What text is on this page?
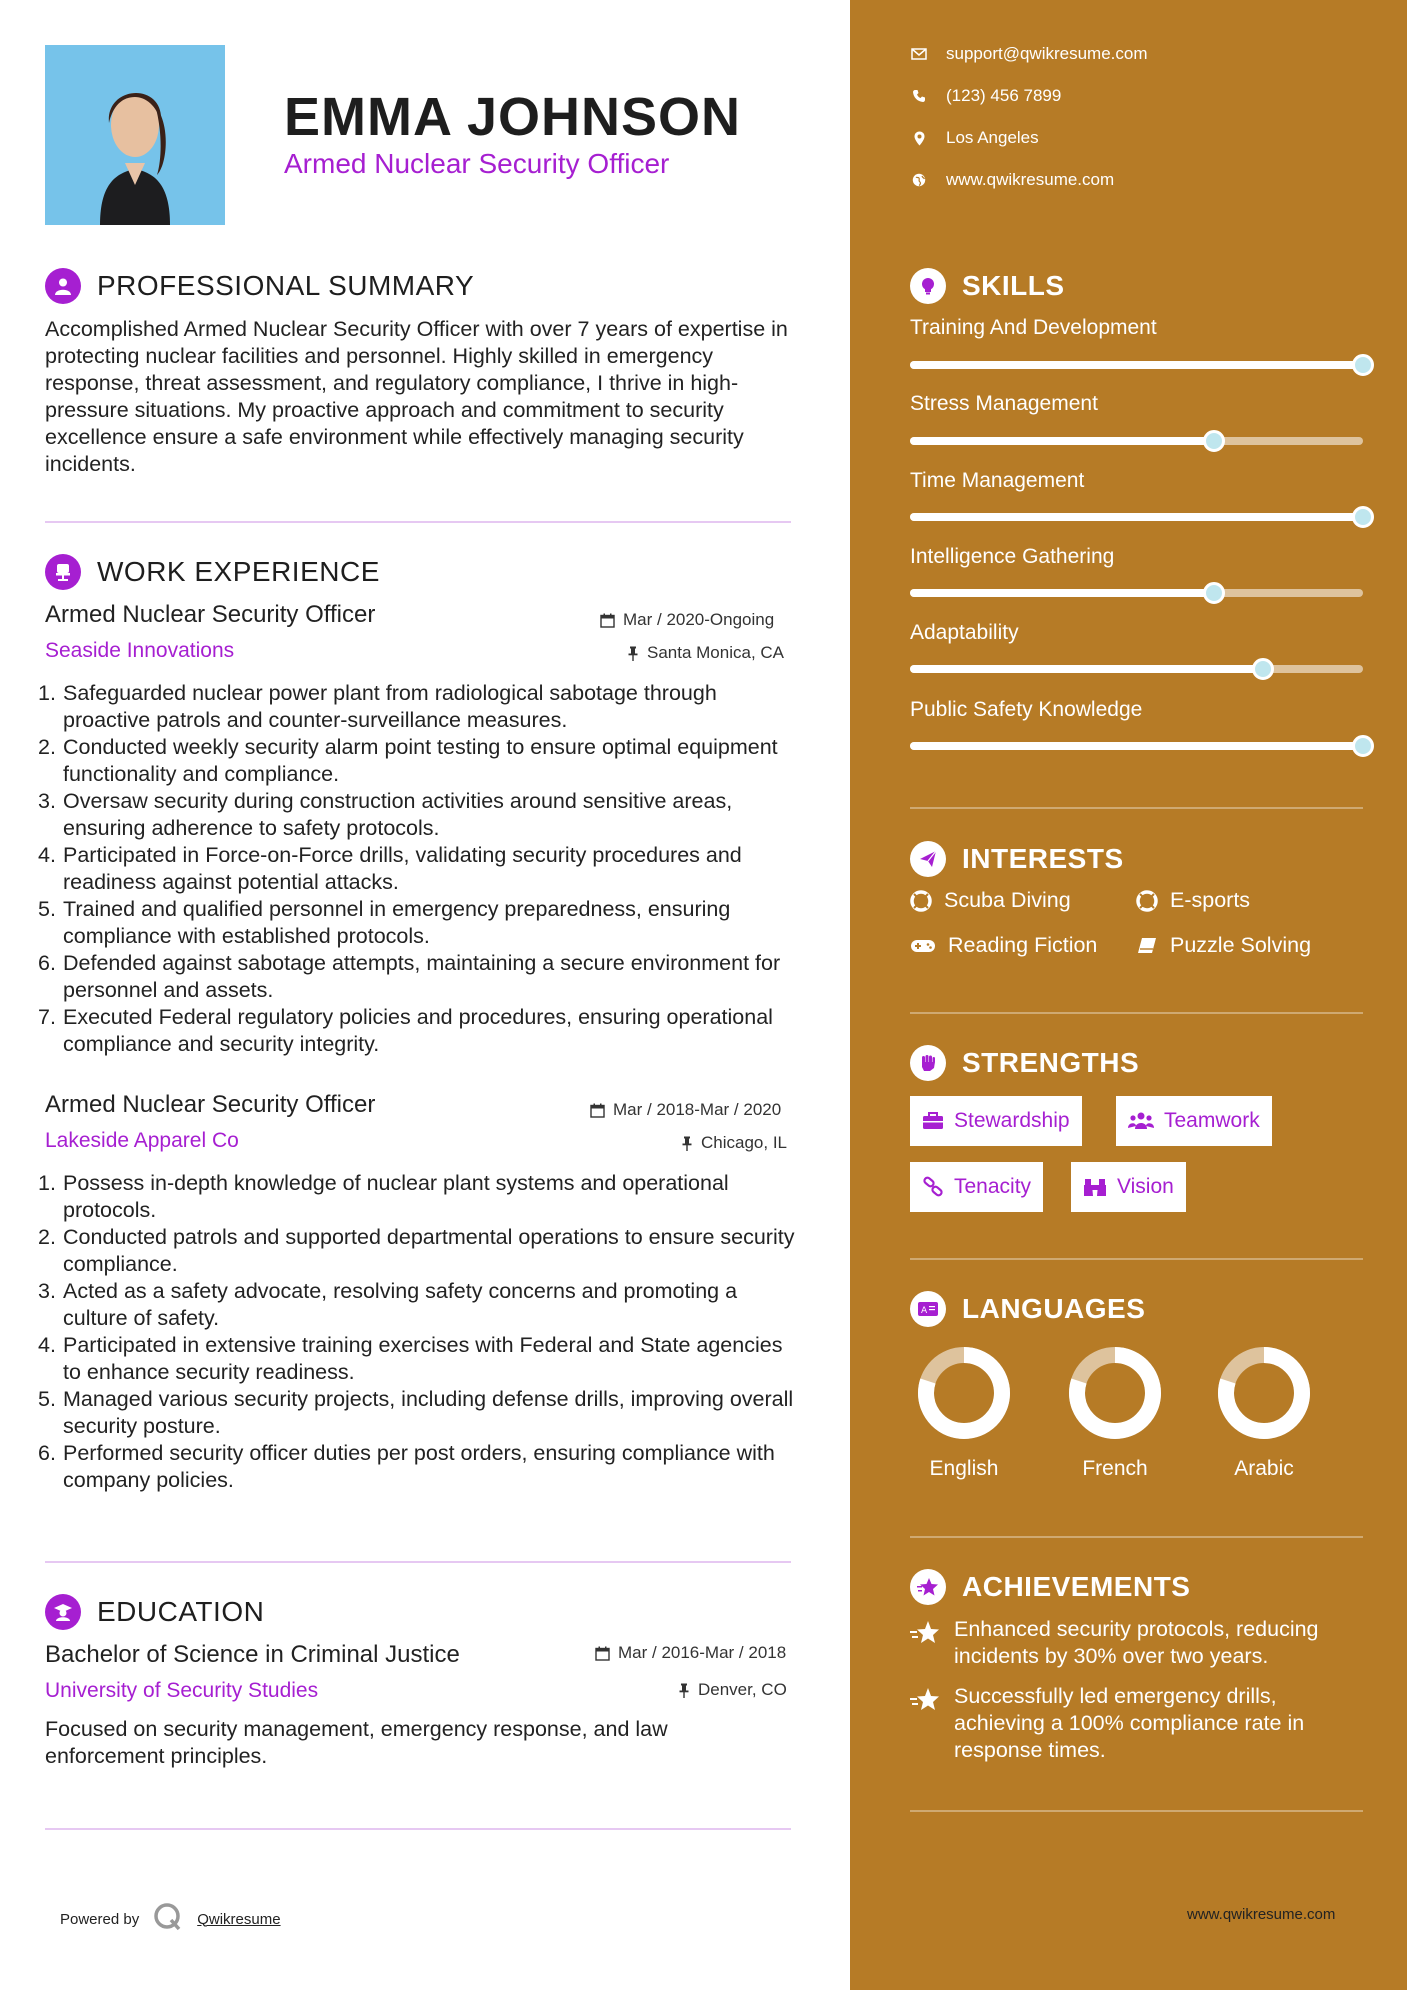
EMMA JOHNSON
Armed Nuclear Security Officer
PROFESSIONAL SUMMARY
Accomplished Armed Nuclear Security Officer with over 7 years of expertise in protecting nuclear facilities and personnel. Highly skilled in emergency response, threat assessment, and regulatory compliance, I thrive in high-pressure situations. My proactive approach and commitment to security excellence ensure a safe environment while effectively managing security incidents.
WORK EXPERIENCE
Armed Nuclear Security Officer
Seaside Innovations
Mar / 2020-Ongoing
Santa Monica, CA
1. Safeguarded nuclear power plant from radiological sabotage through proactive patrols and counter-surveillance measures.
2. Conducted weekly security alarm point testing to ensure optimal equipment functionality and compliance.
3. Oversaw security during construction activities around sensitive areas, ensuring adherence to safety protocols.
4. Participated in Force-on-Force drills, validating security procedures and readiness against potential attacks.
5. Trained and qualified personnel in emergency preparedness, ensuring compliance with established protocols.
6. Defended against sabotage attempts, maintaining a secure environment for personnel and assets.
7. Executed Federal regulatory policies and procedures, ensuring operational compliance and security integrity.
Armed Nuclear Security Officer
Lakeside Apparel Co
Mar / 2018-Mar / 2020
Chicago, IL
1. Possess in-depth knowledge of nuclear plant systems and operational protocols.
2. Conducted patrols and supported departmental operations to ensure security compliance.
3. Acted as a safety advocate, resolving safety concerns and promoting a culture of safety.
4. Participated in extensive training exercises with Federal and State agencies to enhance security readiness.
5. Managed various security projects, including defense drills, improving overall security posture.
6. Performed security officer duties per post orders, ensuring compliance with company policies.
EDUCATION
Bachelor of Science in Criminal Justice
University of Security Studies
Mar / 2016-Mar / 2018
Denver, CO
Focused on security management, emergency response, and law enforcement principles.
Powered by	Qwikresume
support@qwikresume.com
(123) 456 7899
Los Angeles
www.qwikresume.com
SKILLS
Training And Development
Stress Management
Time Management
Intelligence Gathering
Adaptability
Public Safety Knowledge
INTERESTS
Scuba Diving	E-sports
Reading Fiction	Puzzle Solving
STRENGTHS
Stewardship	Teamwork
Tenacity	Vision
A LANGUAGES
English	French	Arabic
ACHIEVEMENTS
Enhanced security protocols, reducing incidents by 30% over two years.
Successfully led emergency drills, achieving a 100% compliance rate in response times.
www.qwikresume.com
